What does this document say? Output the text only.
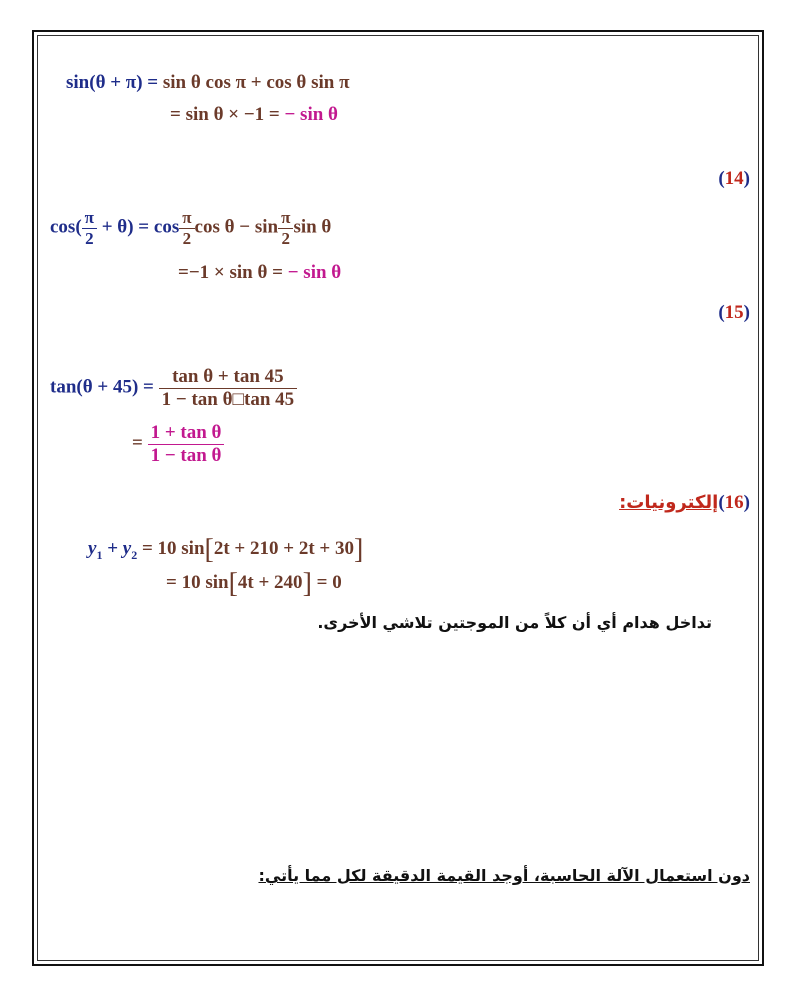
sin(θ + π) = sin θ cos π + cos θ sin π
= sin θ × −1 = − sin θ
(14)
$\cos( \frac{\pi}{2} + \theta) = \cos \frac{\pi}{2}$ $\cos \theta - \sin \frac{\pi}{2}$ sin θ
=−1 × sin θ = − sin θ
(15)
$\tan(\theta + 45) = \frac{\text{tan θ + tan 45}}{\text{1 − tan θ□tan 45}}$
= $\frac{\text{1 + tan θ}}{\text{1 − tan θ}}$
(16)إلكترونيات:
$y_1 + y_2 = 10$ sin[2t + 210 + 2t + 30]
= 10 sin[4t + 240] = 0
تداخل هدام أي أن كلاً من الموجتين تلاشي الأخرى.
دون استعمال الآلة الحاسبة، أوجد القيمة الدقيقة لكل مما يأتي:
